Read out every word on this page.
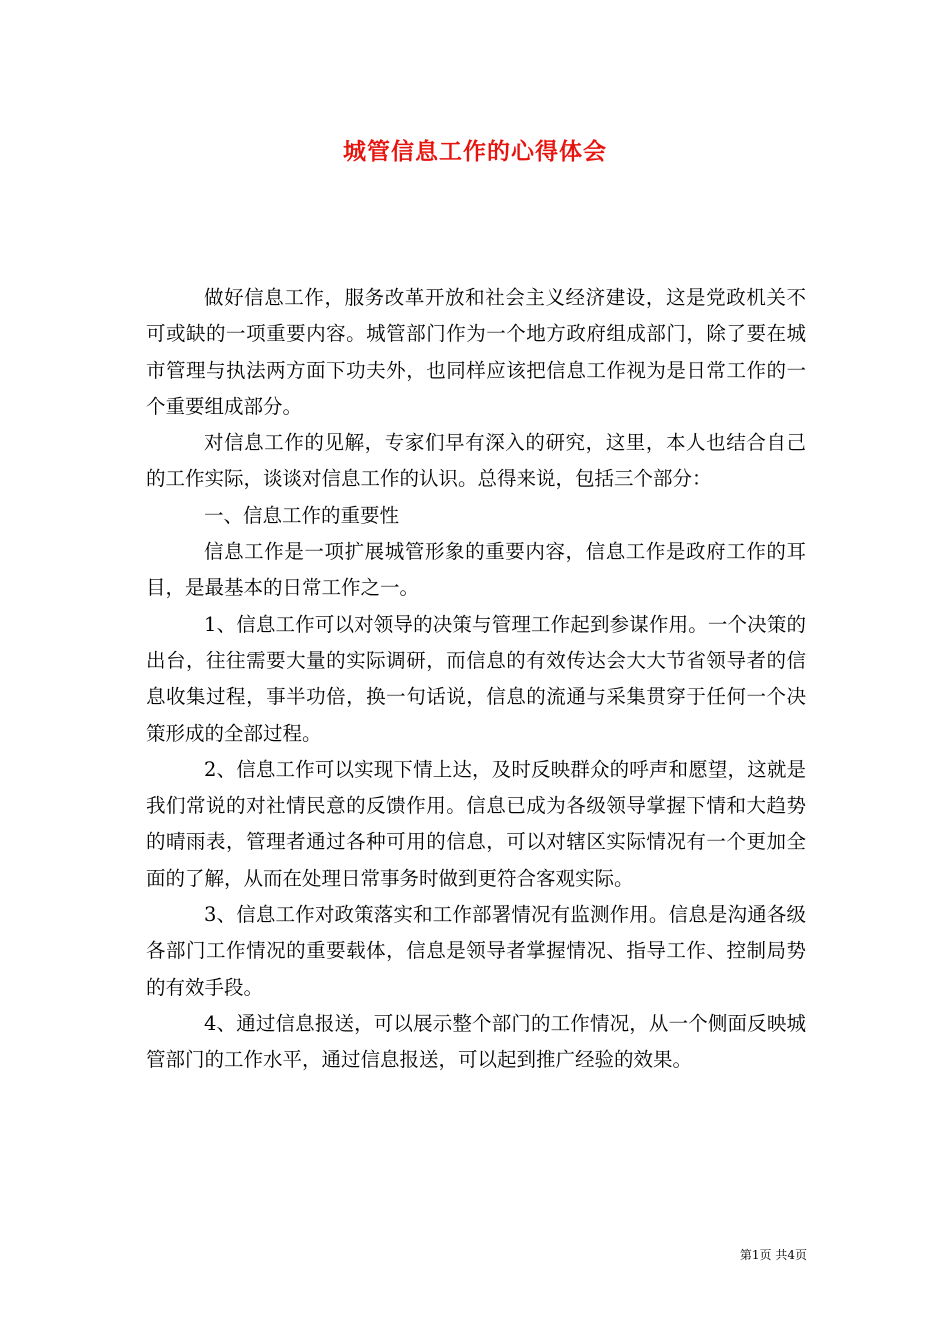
城管信息工作的心得体会

做好信息工作，服务改革开放和社会主义经济建设，这是党政机关不可或缺的一项重要内容。城管部门作为一个地方政府组成部门，除了要在城市管理与执法两方面下功夫外，也同样应该把信息工作视为是日常工作的一个重要组成部分。

对信息工作的见解，专家们早有深入的研究，这里，本人也结合自己的工作实际，谈谈对信息工作的认识。总得来说，包括三个部分：

一、信息工作的重要性

信息工作是一项扩展城管形象的重要内容，信息工作是政府工作的耳目，是最基本的日常工作之一。

1、信息工作可以对领导的决策与管理工作起到参谋作用。一个决策的出台，往往需要大量的实际调研，而信息的有效传达会大大节省领导者的信息收集过程，事半功倍，换一句话说，信息的流通与采集贯穿于任何一个决策形成的全部过程。

2、信息工作可以实现下情上达，及时反映群众的呼声和愿望，这就是我们常说的对社情民意的反馈作用。信息已成为各级领导掌握下情和大趋势的晴雨表，管理者通过各种可用的信息，可以对辖区实际情况有一个更加全面的了解，从而在处理日常事务时做到更符合客观实际。

3、信息工作对政策落实和工作部署情况有监测作用。信息是沟通各级各部门工作情况的重要载体，信息是领导者掌握情况、指导工作、控制局势的有效手段。

4、通过信息报送，可以展示整个部门的工作情况，从一个侧面反映城管部门的工作水平，通过信息报送，可以起到推广经验的效果。

第1页 共4页
